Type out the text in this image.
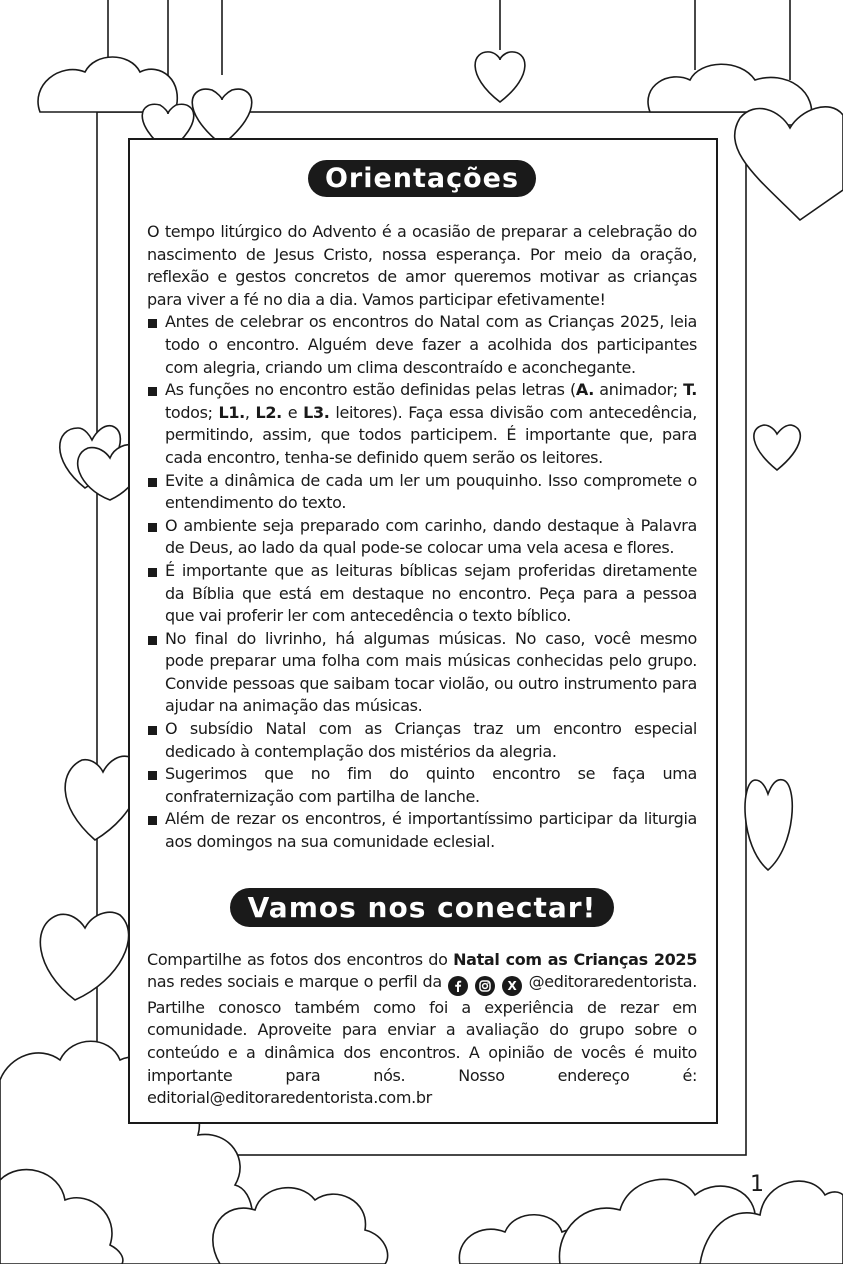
Orientações

O tempo litúrgico do Advento é a ocasião de preparar a celebração do nascimento de Jesus Cristo, nossa esperança. Por meio da oração, reflexão e gestos concretos de amor queremos motivar as crianças para viver a fé no dia a dia. Vamos participar efetivamente!

Antes de celebrar os encontros do Natal com as Crianças 2025, leia todo o encontro. Alguém deve fazer a acolhida dos participantes com alegria, criando um clima descontraído e aconchegante.
As funções no encontro estão definidas pelas letras (A. animador; T. todos; L1., L2. e L3. leitores). Faça essa divisão com antecedência, permitindo, assim, que todos participem. É importante que, para cada encontro, tenha-se definido quem serão os leitores.
Evite a dinâmica de cada um ler um pouquinho. Isso compromete o entendimento do texto.
O ambiente seja preparado com carinho, dando destaque à Palavra de Deus, ao lado da qual pode-se colocar uma vela acesa e flores.
É importante que as leituras bíblicas sejam proferidas diretamente da Bíblia que está em destaque no encontro. Peça para a pessoa que vai proferir ler com antecedência o texto bíblico.
No final do livrinho, há algumas músicas. No caso, você mesmo pode preparar uma folha com mais músicas conhecidas pelo grupo. Convide pessoas que saibam tocar violão, ou outro instrumento para ajudar na animação das músicas.
O subsídio Natal com as Crianças traz um encontro especial dedicado à contemplação dos mistérios da alegria.
Sugerimos que no fim do quinto encontro se faça uma confraternização com partilha de lanche.
Além de rezar os encontros, é importantíssimo participar da liturgia aos domingos na sua comunidade eclesial.
Vamos nos conectar!

Compartilhe as fotos dos encontros do Natal com as Crianças 2025 nas redes sociais e marque o perfil da	X @editoraredentorista. Partilhe conosco também como foi a experiência de rezar em comunidade. Aproveite para enviar a avaliação do grupo sobre o conteúdo e a dinâmica dos encontros. A opinião de vocês é muito importante para nós. Nosso endereço é: editorial@editoraredentorista.com.br

1
